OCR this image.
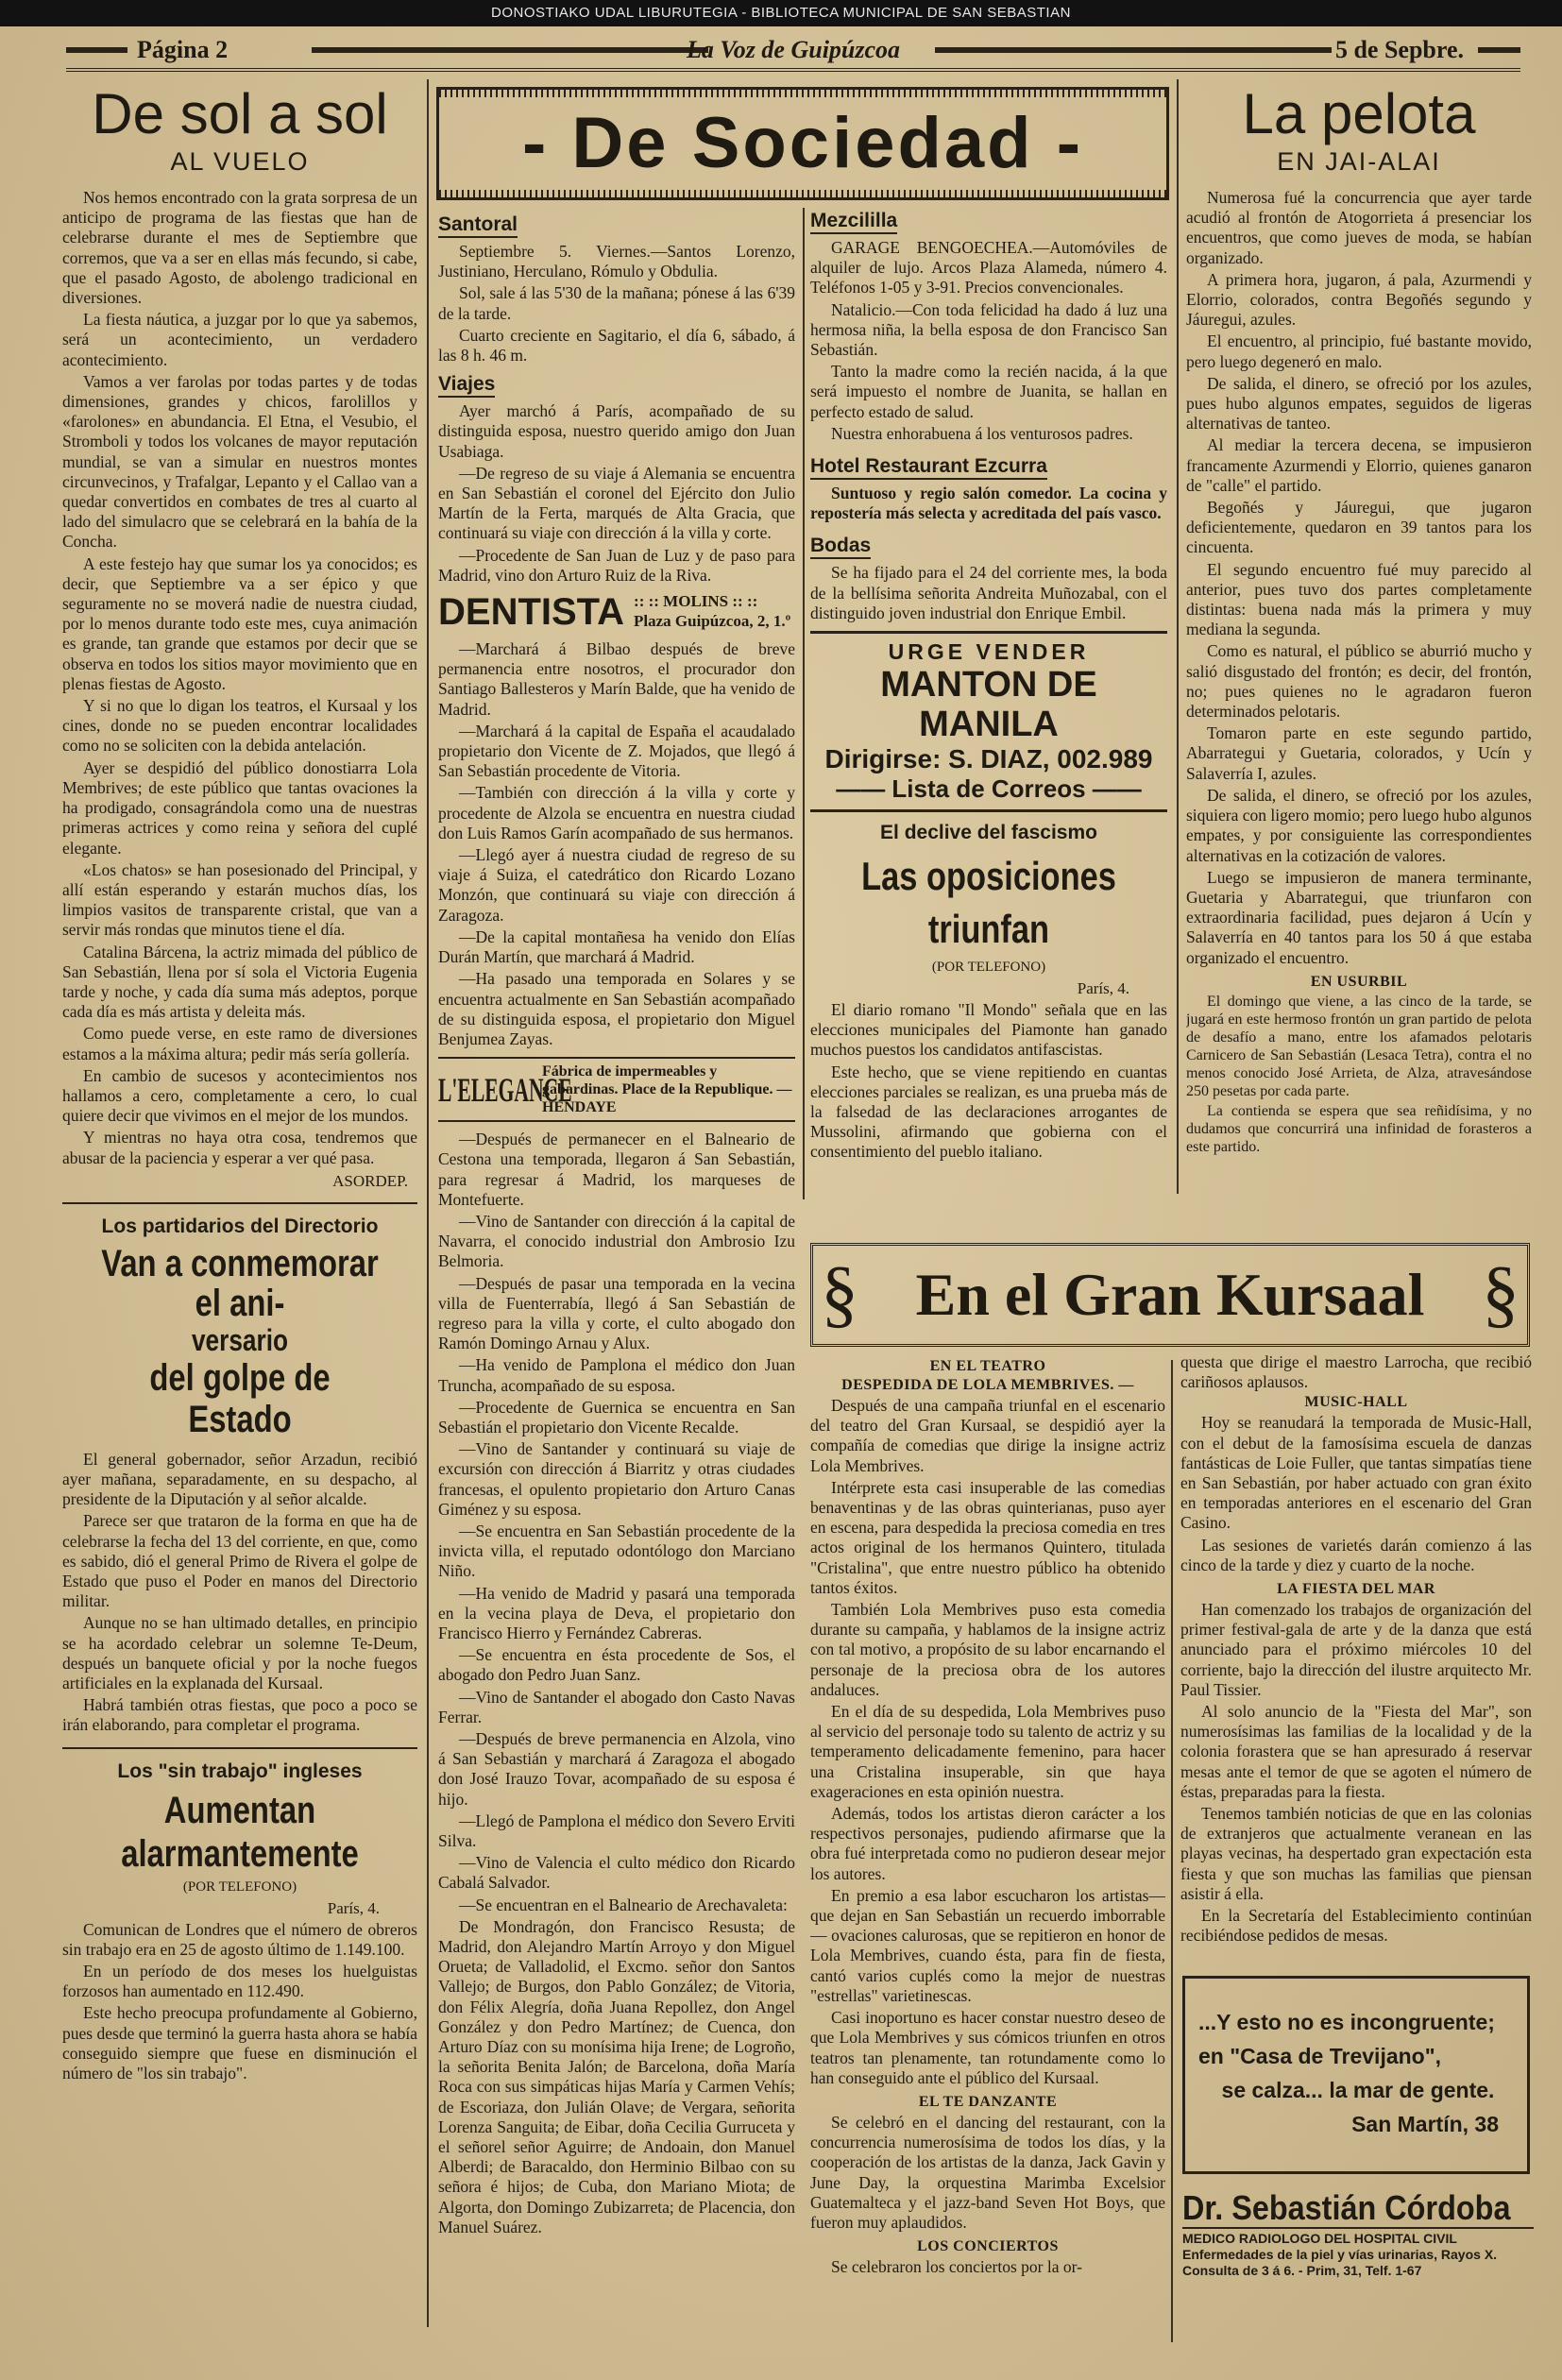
DONOSTIAKO UDAL LIBURUTEGIA - BIBLIOTECA MUNICIPAL DE SAN SEBASTIAN
Página 2	La Voz de Guipúzcoa	5 de Sepbre.
- De Sociedad -
De sol a sol
AL VUELO

Nos hemos encontrado con la grata sorpresa de un anticipo de programa de las fiestas que han de celebrarse durante el mes de Septiembre que corremos, que va a ser en ellas más fecundo, si cabe, que el pasado Agosto, de abolengo tradicional en diversiones.

La fiesta náutica, a juzgar por lo que ya sabemos, será un acontecimiento, un verdadero acontecimiento.

Vamos a ver farolas por todas partes y de todas dimensiones, grandes y chicos, farolillos y «farolones» en abundancia. El Etna, el Vesubio, el Stromboli y todos los volcanes de mayor reputación mundial, se van a simular en nuestros montes circunvecinos, y Trafalgar, Lepanto y el Callao van a quedar convertidos en combates de tres al cuarto al lado del simulacro que se celebrará en la bahía de la Concha.

A este festejo hay que sumar los ya conocidos; es decir, que Septiembre va a ser épico y que seguramente no se moverá nadie de nuestra ciudad, por lo menos durante todo este mes, cuya animación es grande, tan grande que estamos por decir que se observa en todos los sitios mayor movimiento que en plenas fiestas de Agosto.

Y si no que lo digan los teatros, el Kursaal y los cines, donde no se pueden encontrar localidades como no se soliciten con la debida antelación.

Ayer se despidió del público donostiarra Lola Membrives; de este público que tantas ovaciones la ha prodigado, consagrándola como una de nuestras primeras actrices y como reina y señora del cuplé elegante.

«Los chatos» se han posesionado del Principal, y allí están esperando y estarán muchos días, los limpios vasitos de transparente cristal, que van a servir más rondas que minutos tiene el día.

Catalina Bárcena, la actriz mimada del público de San Sebastián, llena por sí sola el Victoria Eugenia tarde y noche, y cada día suma más adeptos, porque cada día es más artista y deleita más.

Como puede verse, en este ramo de diversiones estamos a la máxima altura; pedir más sería gollería.

En cambio de sucesos y acontecimientos nos hallamos a cero, completamente a cero, lo cual quiere decir que vivimos en el mejor de los mundos.

Y mientras no haya otra cosa, tendremos que abusar de la paciencia y esperar a ver qué pasa.

ASORDEP.
Los partidarios del Directorio
Van a conmemorar el ani-
versario
del golpe de Estado

El general gobernador, señor Arzadun, recibió ayer mañana, separadamente, en su despacho, al presidente de la Diputación y al señor alcalde.

Parece ser que trataron de la forma en que ha de celebrarse la fecha del 13 del corriente, en que, como es sabido, dió el general Primo de Rivera el golpe de Estado que puso el Poder en manos del Directorio militar.

Aunque no se han ultimado detalles, en principio se ha acordado celebrar un solemne Te-Deum, después un banquete oficial y por la noche fuegos artificiales en la explanada del Kursaal.

Habrá también otras fiestas, que poco a poco se irán elaborando, para completar el programa.

Los "sin trabajo" ingleses
Aumentan alarmantemente
(POR TELEFONO)
París, 4.

Comunican de Londres que el número de obreros sin trabajo era en 25 de agosto último de 1.149.100.

En un período de dos meses los huelguistas forzosos han aumentado en 112.490.

Este hecho preocupa profundamente al Gobierno, pues desde que terminó la guerra hasta ahora se había conseguido siempre que fuese en disminución el número de "los sin trabajo".

Santoral

Septiembre 5. Viernes.—Santos Lorenzo, Justiniano, Herculano, Rómulo y Obdulia.

Sol, sale á las 5'30 de la mañana; pónese á las 6'39 de la tarde.

Cuarto creciente en Sagitario, el día 6, sábado, á las 8 h. 46 m.

Viajes

Ayer marchó á París, acompañado de su distinguida esposa, nuestro querido amigo don Juan Usabiaga.

—De regreso de su viaje á Alemania se encuentra en San Sebastián el coronel del Ejército don Julio Martín de la Ferta, marqués de Alta Gracia, que continuará su viaje con dirección á la villa y corte.

—Procedente de San Juan de Luz y de paso para Madrid, vino don Arturo Ruiz de la Riva.

DENTISTA :: :: MOLINS :: ::
Plaza Guipúzcoa, 2, 1.º

—Marchará á Bilbao después de breve permanencia entre nosotros, el procurador don Santiago Ballesteros y Marín Balde, que ha venido de Madrid.

—Marchará á la capital de España el acaudalado propietario don Vicente de Z. Mojados, que llegó á San Sebastián procedente de Vitoria.

—También con dirección á la villa y corte y procedente de Alzola se encuentra en nuestra ciudad don Luis Ramos Garín acompañado de sus hermanos.

—Llegó ayer á nuestra ciudad de regreso de su viaje á Suiza, el catedrático don Ricardo Lozano Monzón, que continuará su viaje con dirección á Zaragoza.

—De la capital montañesa ha venido don Elías Durán Martín, que marchará á Madrid.

—Ha pasado una temporada en Solares y se encuentra actualmente en San Sebastián acompañado de su distinguida esposa, el propietario don Miguel Benjumea Zayas.

L'ELEGANCE
Fábrica de impermeables y gabardinas. Place de la Republique. — HENDAYE

—Después de permanecer en el Balneario de Cestona una temporada, llegaron á San Sebastián, para regresar á Madrid, los marqueses de Montefuerte.

—Vino de Santander con dirección á la capital de Navarra, el conocido industrial don Ambrosio Izu Belmoria.

—Después de pasar una temporada en la vecina villa de Fuenterrabía, llegó á San Sebastián de regreso para la villa y corte, el culto abogado don Ramón Domingo Arnau y Alux.

—Ha venido de Pamplona el médico don Juan Truncha, acompañado de su esposa.

—Procedente de Guernica se encuentra en San Sebastián el propietario don Vicente Recalde.

—Vino de Santander y continuará su viaje de excursión con dirección á Biarritz y otras ciudades francesas, el opulento propietario don Arturo Canas Giménez y su esposa.

—Se encuentra en San Sebastián procedente de la invicta villa, el reputado odontólogo don Marciano Niño.

—Ha venido de Madrid y pasará una temporada en la vecina playa de Deva, el propietario don Francisco Hierro y Fernández Cabreras.

—Se encuentra en ésta procedente de Sos, el abogado don Pedro Juan Sanz.

—Vino de Santander el abogado don Casto Navas Ferrar.

—Después de breve permanencia en Alzola, vino á San Sebastián y marchará á Zaragoza el abogado don José Irauzo Tovar, acompañado de su esposa é hijo.

—Llegó de Pamplona el médico don Severo Erviti Silva.

—Vino de Valencia el culto médico don Ricardo Cabalá Salvador.

—Se encuentran en el Balneario de Arechavaleta:

De Mondragón, don Francisco Resusta; de Madrid, don Alejandro Martín Arroyo y don Miguel Orueta; de Valladolid, el Excmo. señor don Santos Vallejo; de Burgos, don Pablo González; de Vitoria, don Félix Alegría, doña Juana Repollez, don Angel González y don Pedro Martínez; de Cuenca, don Arturo Díaz con su monísima hija Irene; de Logroño, la señorita Benita Jalón; de Barcelona, doña María Roca con sus simpáticas hijas María y Carmen Vehís; de Escoriaza, don Julián Olave; de Vergara, señorita Lorenza Sanguita; de Eibar, doña Cecilia Gurruceta y el señorel señor Aguirre; de Andoain, don Manuel Alberdi; de Baracaldo, don Herminio Bilbao con su señora é hijos; de Cuba, don Mariano Miota; de Algorta, don Domingo Zubizarreta; de Placencia, don Manuel Suárez.

Mezcililla

GARAGE BENGOECHEA.—Automóviles de alquiler de lujo. Arcos Plaza Alameda, número 4. Teléfonos 1-05 y 3-91. Precios convencionales.

Natalicio.—Con toda felicidad ha dado á luz una hermosa niña, la bella esposa de don Francisco San Sebastián.

Tanto la madre como la recién nacida, á la que será impuesto el nombre de Juanita, se hallan en perfecto estado de salud.

Nuestra enhorabuena á los venturosos padres.

Hotel Restaurant Ezcurra

Suntuoso y regio salón comedor. La cocina y repostería más selecta y acreditada del país vasco.

Bodas

Se ha fijado para el 24 del corriente mes, la boda de la bellísima señorita Andreita Muñozabal, con el distinguido joven industrial don Enrique Embil.

URGE VENDER
MANTON DE MANILA
Dirigirse: S. DIAZ, 002.989
—— Lista de Correos ——
El declive del fascismo
Las oposiciones triunfan
(POR TELEFONO)
París, 4.

El diario romano "Il Mondo" señala que en las elecciones municipales del Piamonte han ganado muchos puestos los candidatos antifascistas.

Este hecho, que se viene repitiendo en cuantas elecciones parciales se realizan, es una prueba más de la falsedad de las declaraciones arrogantes de Mussolini, afirmando que gobierna con el consentimiento del pueblo italiano.

La pelota
EN JAI-ALAI

Numerosa fué la concurrencia que ayer tarde acudió al frontón de Atogorrieta á presenciar los encuentros, que como jueves de moda, se habían organizado.

A primera hora, jugaron, á pala, Azurmendi y Elorrio, colorados, contra Begoñés segundo y Jáuregui, azules.

El encuentro, al principio, fué bastante movido, pero luego degeneró en malo.

De salida, el dinero, se ofreció por los azules, pues hubo algunos empates, seguidos de ligeras alternativas de tanteo.

Al mediar la tercera decena, se impusieron francamente Azurmendi y Elorrio, quienes ganaron de "calle" el partido.

Begoñés y Jáuregui, que jugaron deficientemente, quedaron en 39 tantos para los cincuenta.

El segundo encuentro fué muy parecido al anterior, pues tuvo dos partes completamente distintas: buena nada más la primera y muy mediana la segunda.

Como es natural, el público se aburrió mucho y salió disgustado del frontón; es decir, del frontón, no; pues quienes no le agradaron fueron determinados pelotaris.

Tomaron parte en este segundo partido, Abarrategui y Guetaria, colorados, y Ucín y Salaverría I, azules.

De salida, el dinero, se ofreció por los azules, siquiera con ligero momio; pero luego hubo algunos empates, y por consiguiente las correspondientes alternativas en la cotización de valores.

Luego se impusieron de manera terminante, Guetaria y Abarrategui, que triunfaron con extraordinaria facilidad, pues dejaron á Ucín y Salaverría en 40 tantos para los 50 á que estaba organizado el encuentro.

EN USURBIL

El domingo que viene, a las cinco de la tarde, se jugará en este hermoso frontón un gran partido de pelota de desafío a mano, entre los afamados pelotaris Carnicero de San Sebastián (Lesaca Tetra), contra el no menos conocido José Arrieta, de Alza, atravesándose 250 pesetas por cada parte.

La contienda se espera que sea reñidísima, y no dudamos que concurrirá una infinidad de forasteros a este partido.

§ En el Gran Kursaal §
EN EL TEATRO
DESPEDIDA DE LOLA MEMBRIVES. —

Después de una campaña triunfal en el escenario del teatro del Gran Kursaal, se despidió ayer la compañía de comedias que dirige la insigne actriz Lola Membrives.

Intérprete esta casi insuperable de las comedias benaventinas y de las obras quinterianas, puso ayer en escena, para despedida la preciosa comedia en tres actos original de los hermanos Quintero, titulada "Cristalina", que entre nuestro público ha obtenido tantos éxitos.

También Lola Membrives puso esta comedia durante su campaña, y hablamos de la insigne actriz con tal motivo, a propósito de su labor encarnando el personaje de la preciosa obra de los autores andaluces.

En el día de su despedida, Lola Membrives puso al servicio del personaje todo su talento de actriz y su temperamento delicadamente femenino, para hacer una Cristalina insuperable, sin que haya exageraciones en esta opinión nuestra.

Además, todos los artistas dieron carácter a los respectivos personajes, pudiendo afirmarse que la obra fué interpretada como no pudieron desear mejor los autores.

En premio a esa labor escucharon los artistas—que dejan en San Sebastián un recuerdo imborrable— ovaciones calurosas, que se repitieron en honor de Lola Membrives, cuando ésta, para fin de fiesta, cantó varios cuplés como la mejor de nuestras "estrellas" varietinescas.

Casi inoportuno es hacer constar nuestro deseo de que Lola Membrives y sus cómicos triunfen en otros teatros tan plenamente, tan rotundamente como lo han conseguido ante el público del Kursaal.

EL TE DANZANTE

Se celebró en el dancing del restaurant, con la concurrencia numerosísima de todos los días, y la cooperación de los artistas de la danza, Jack Gavin y June Day, la orquestina Marimba Excelsior Guatemalteca y el jazz-band Seven Hot Boys, que fueron muy aplaudidos.

LOS CONCIERTOS

Se celebraron los conciertos por la or-

questa que dirige el maestro Larrocha, que recibió cariñosos aplausos.

MUSIC-HALL

Hoy se reanudará la temporada de Music-Hall, con el debut de la famosísima escuela de danzas fantásticas de Loie Fuller, que tantas simpatías tiene en San Sebastián, por haber actuado con gran éxito en temporadas anteriores en el escenario del Gran Casino.

Las sesiones de varietés darán comienzo á las cinco de la tarde y diez y cuarto de la noche.

LA FIESTA DEL MAR

Han comenzado los trabajos de organización del primer festival-gala de arte y de la danza que está anunciado para el próximo miércoles 10 del corriente, bajo la dirección del ilustre arquitecto Mr. Paul Tissier.

Al solo anuncio de la "Fiesta del Mar", son numerosísimas las familias de la localidad y de la colonia forastera que se han apresurado á reservar mesas ante el temor de que se agoten el número de éstas, preparadas para la fiesta.

Tenemos también noticias de que en las colonias de extranjeros que actualmente veranean en las playas vecinas, ha despertado gran expectación esta fiesta y que son muchas las familias que piensan asistir á ella.

En la Secretaría del Establecimiento continúan recibiéndose pedidos de mesas.

...Y esto no es incongruente;
en "Casa de Trevijano",
se calza... la mar de gente.
San Martín, 38
Dr. Sebastián Córdoba
MEDICO RADIOLOGO DEL HOSPITAL CIVIL
Enfermedades de la piel y vías urinarias, Rayos X. Consulta de 3 á 6. - Prim, 31, Telf. 1-67
